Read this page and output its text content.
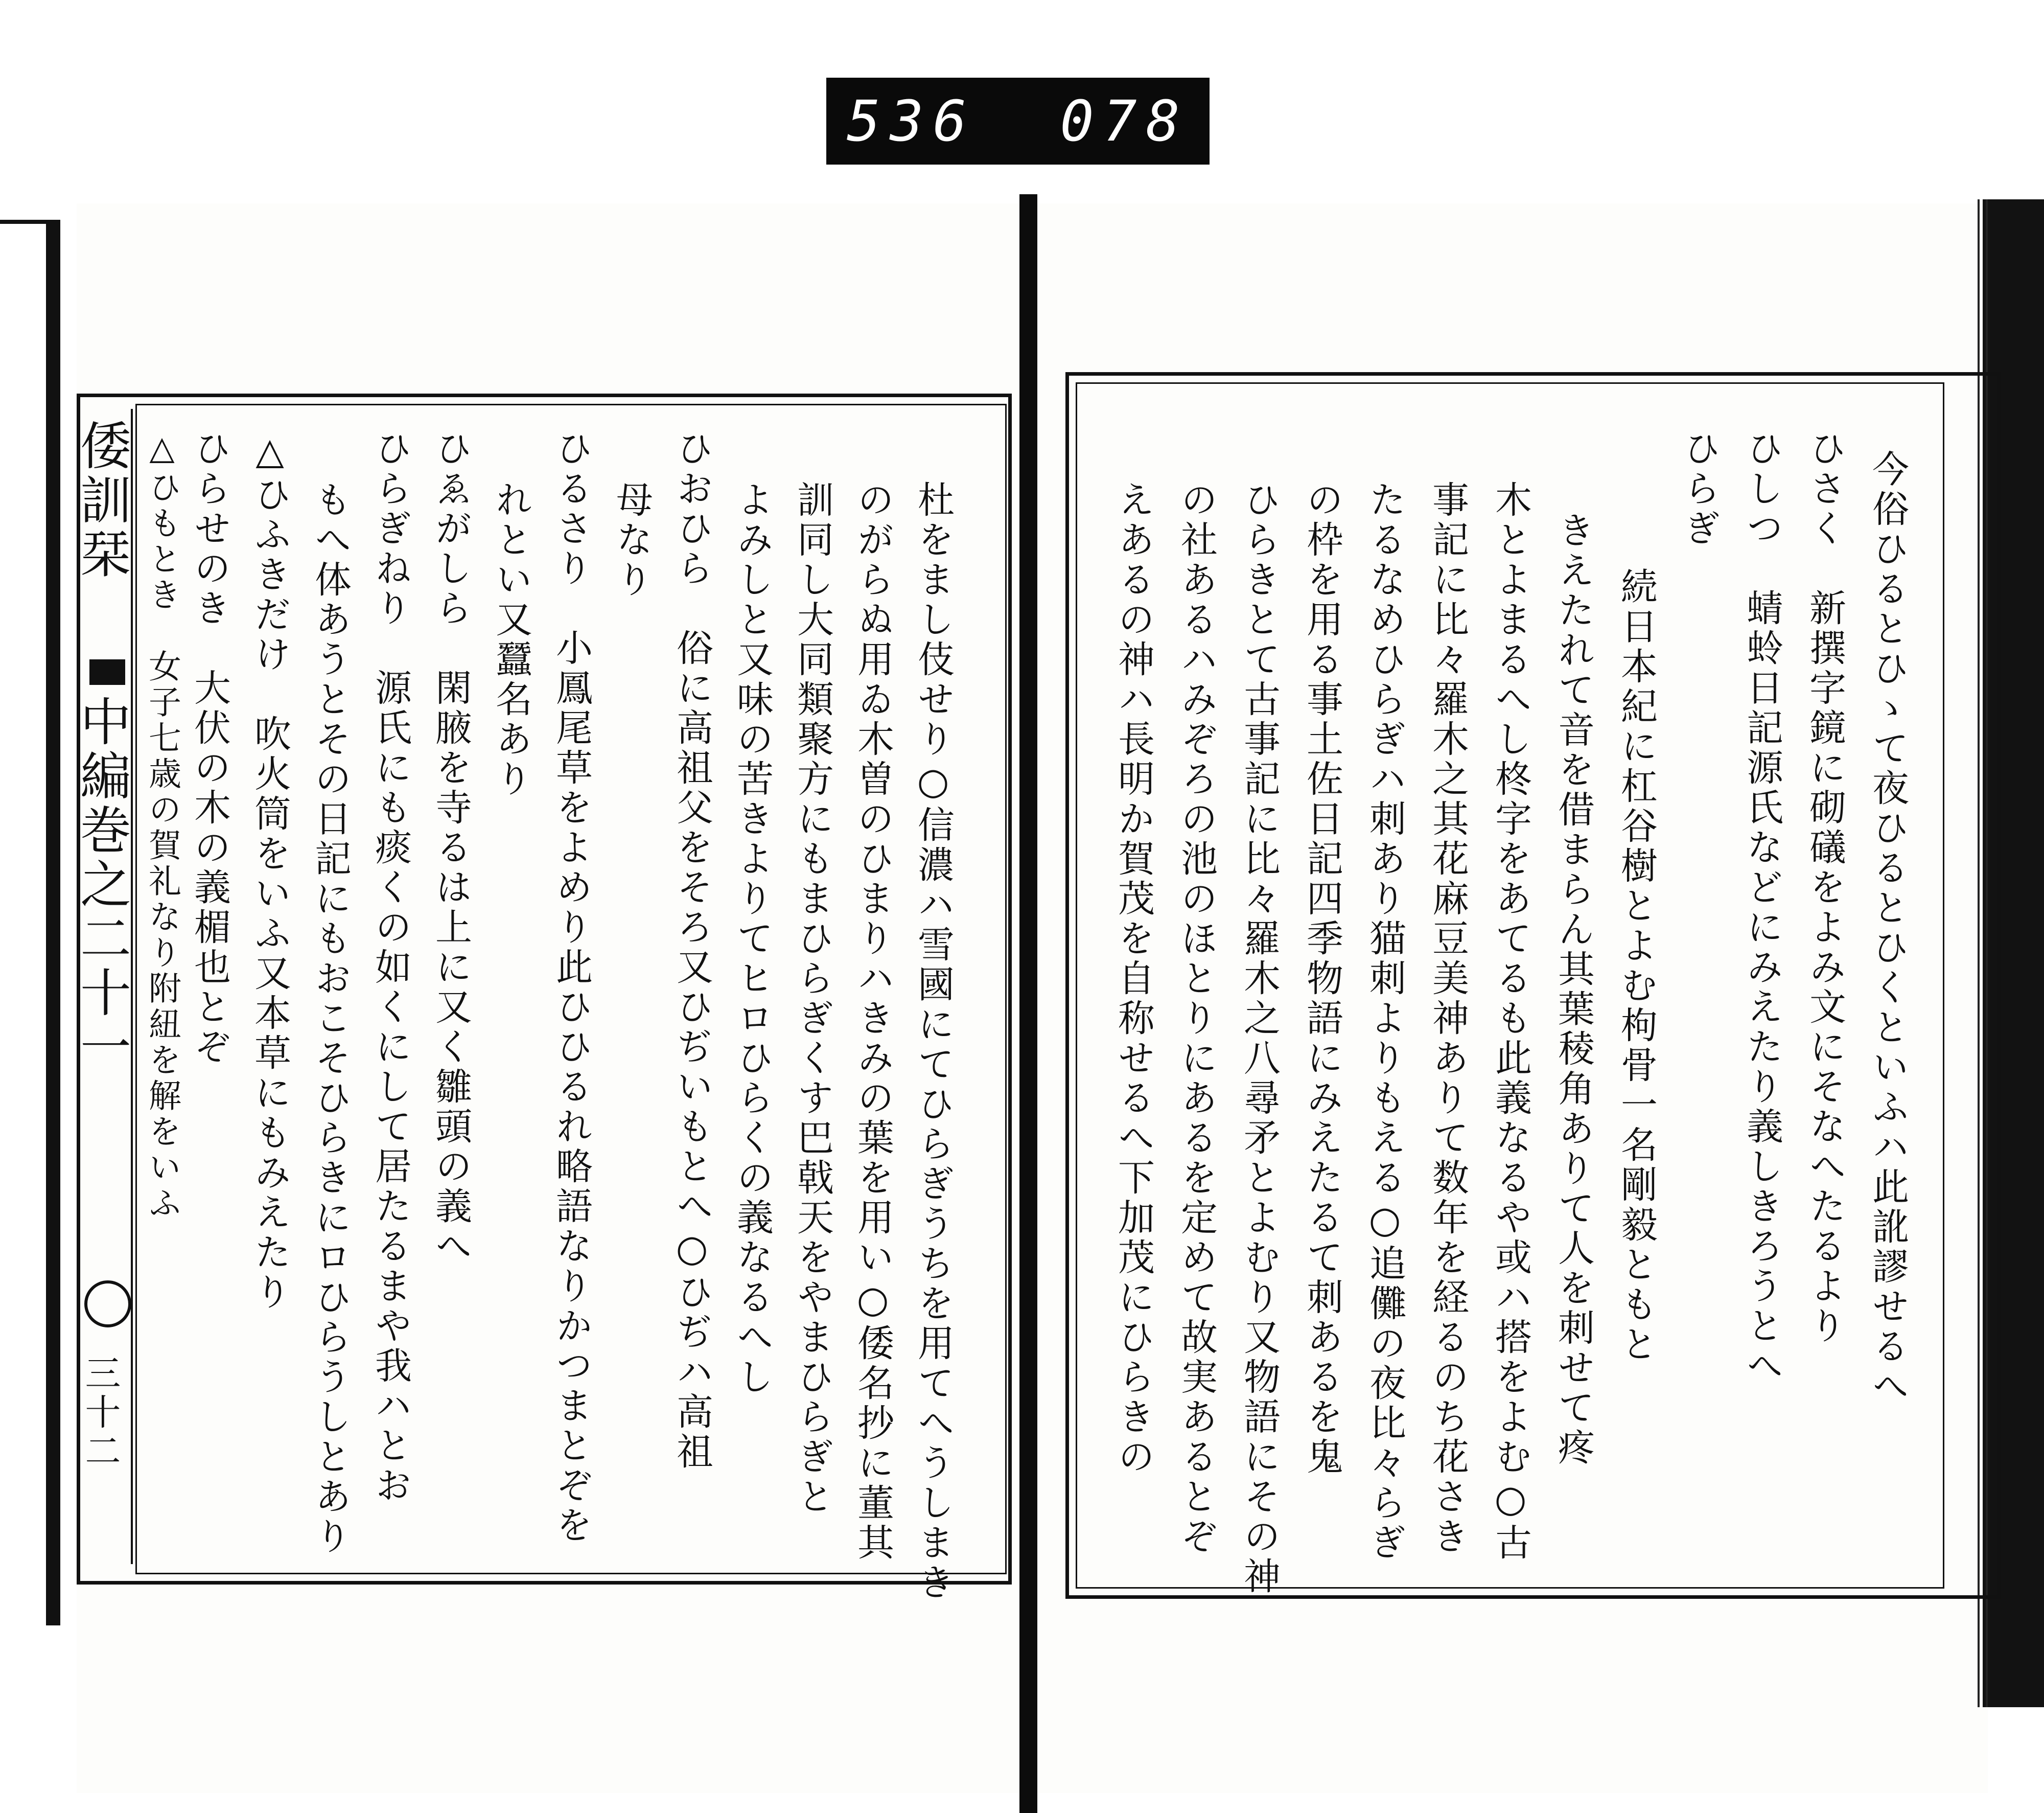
536 078
倭訓栞
中編巻之二十一
三十二
今俗ひるとひゝて夜ひるとひくといふハ此訛謬せるへ
ひさく　新撰字鏡に砌礒をよみ文にそなへたるより
ひしつ　蜻蛉日記源氏などにみえたり義しきろうとへ
ひらぎ
続日本紀に杠谷樹とよむ枸骨一名剛毅ともと
きえたれて音を借まらん其葉稜角ありて人を刺せて疼
木とよまるへし柊字をあてるも此義なるや或ハ搭をよむ○古
事記に比々羅木之其花麻豆美神ありて数年を経るのち花さき
たるなめひらぎハ刺あり猫刺よりもえる○追儺の夜比々らぎ
の枠を用る事土佐日記四季物語にみえたるて刺あるを鬼
ひらきとて古事記に比々羅木之八尋矛とよむり又物語にその神
の社あるハみぞろの池のほとりにあるを定めて故実あるとぞ
えあるの神ハ長明か賀茂を自称せるへ下加茂にひらきの
杜をまし伎せり○信濃ハ雪國にてひらぎうちを用てへうしまき
のがらぬ用ゐ木曽のひまりハきみの葉を用い○倭名抄に董其
訓同し大同類聚方にもまひらぎくす巴戟天をやまひらぎと
よみしと又味の苦きよりてヒロひらくの義なるへし
ひおひら　俗に高祖父をそろ又ひぢいもとへ○ひぢハ高祖
母なり
ひるさり　小鳳尾草をよめり此ひひるれ略語なりかつまとぞを
れとい又蠶名あり
ひゑがしら　閑腋を寺るは上に又く雛頭の義へ
ひらぎねり　源氏にも痰くの如くにして居たるまや我ハとお
もへ体あうとその日記にもおこそひらきにロひらうしとあり
△ひふきだけ　吹火筒をいふ又本草にもみえたり
ひらせのき　大伏の木の義楣也とぞ
△ひもとき　女子七歳の賀礼なり附紐を解をいふ
